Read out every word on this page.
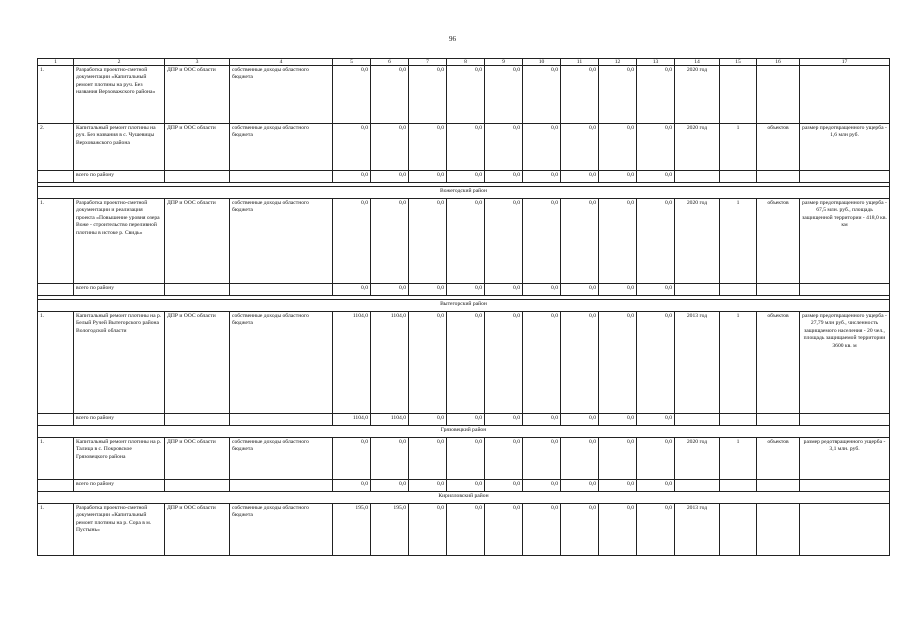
96
1	2	3	4	5	6	7	8	9	10	11	12	13	14	15	16	17
1.	Разработка проектно-сметной документации «Капитальный ремонт плотины на руч. Без названия Верховажского района»	ДПР и ООС области	собственные доходы областного бюджета	0,0	0,0	0,0	0,0	0,0	0,0	0,0	0,0	0,0	2020 год			
2.	Капитальный ремонт плотины на руч. Без названия в с. Чушевицы Верховажского района	ДПР и ООС области	собственные доходы областного бюджета	0,0	0,0	0,0	0,0	0,0	0,0	0,0	0,0	0,0	2020 год	1	объектов	размер предотвращенного ущерба - 1,6 млн руб.
	всего по району			0,0	0,0	0,0	0,0	0,0	0,0	0,0	0,0	0,0				

Вожегодский район																
1.	Разработка проектно-сметной документации и реализация проекта «Повышение уровня озера Воже - строительство переливной плотины в истоке р. Свидь»	ДПР и ООС области	собственные доходы областного бюджета	0,0	0,0	0,0	0,0	0,0	0,0	0,0	0,0	0,0	2020 год	1	объектов	размер предотвращенного ущерба - 67,5 млн. руб., площадь защищенной территории - 418,0 кв. км
	всего по району			0,0	0,0	0,0	0,0	0,0	0,0	0,0	0,0	0,0				

Вытегорский район																
1.	Капитальный ремонт плотины на р. Белый Ручей Вытегорского района Вологодской области	ДПР и ООС области	собственные доходы областного бюджета	1104,0	1104,0	0,0	0,0	0,0	0,0	0,0	0,0	0,0	2013 год	1	объектов	размер предотвращенного ущерба - 27,79 млн руб., численность защищаемого населения - 20 чел., площадь защищаемой территории 3600 кв. м
	всего по району			1104,0	1104,0	0,0	0,0	0,0	0,0	0,0	0,0	0,0				
Грязовецкий район																
1.	Капитальный ремонт плотины на р. Талица в с. Покровское Грязовецкого района	ДПР и ООС области	собственные доходы областного бюджета	0,0	0,0	0,0	0,0	0,0	0,0	0,0	0,0	0,0	2020 год	1	объектов	размер редотвращенного ущерба - 3,1 млн. руб.
	всего по району			0,0	0,0	0,0	0,0	0,0	0,0	0,0	0,0	0,0				
Кирилловский район																
1.	Разработка проектно-сметной документации «Капитальный ремонт плотины на р. Сора в м. Пустынь»	ДПР и ООС области	собственные доходы областного бюджета	195,0	195,0	0,0	0,0	0,0	0,0	0,0	0,0	0,0	2013 год			
